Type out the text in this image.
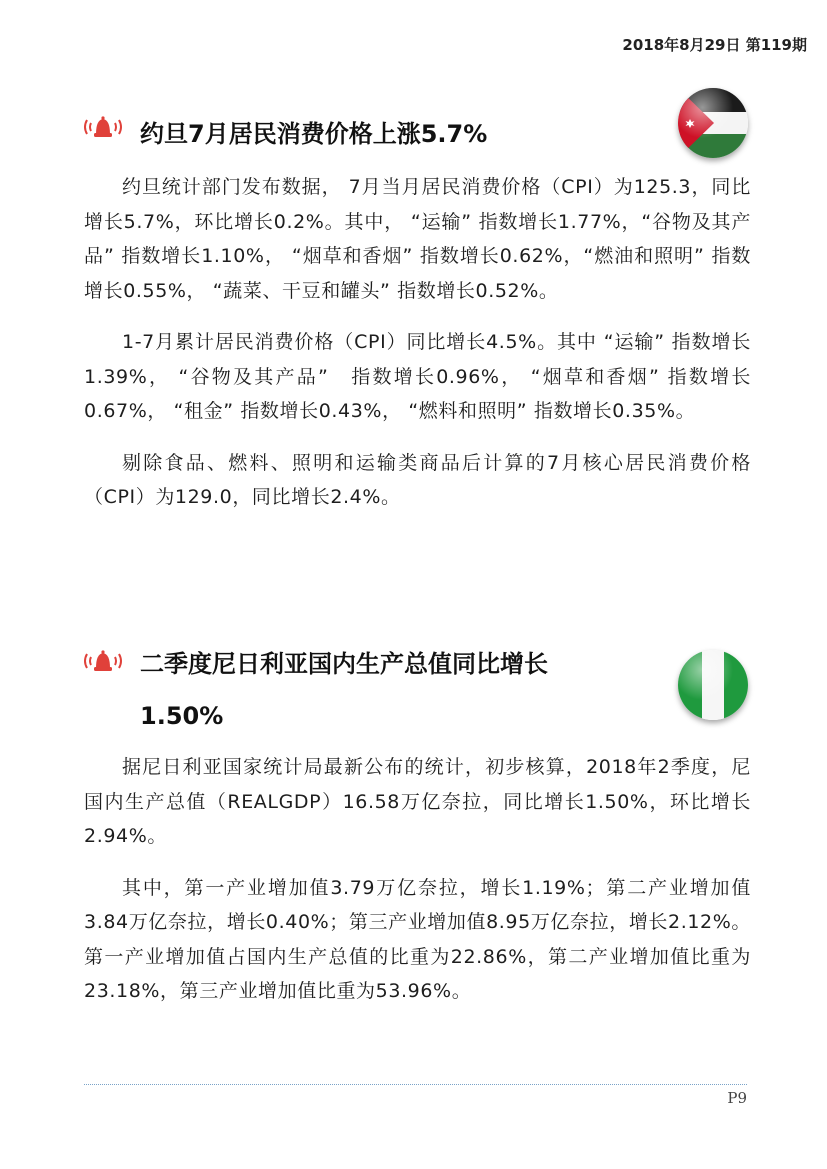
2018年8月29日 第119期
约旦7月居民消费价格上涨5.7%

约旦统计部门发布数据， 7月当月居民消费价格（CPI）为125.3，同比增长5.7%，环比增长0.2%。其中， “运输” 指数增长1.77%，“谷物及其产品” 指数增长1.10%， “烟草和香烟” 指数增长0.62%，“燃油和照明” 指数增长0.55%， “蔬菜、干豆和罐头” 指数增长0.52%。

1-7月累计居民消费价格（CPI）同比增长4.5%。其中 “运输” 指数增长1.39%， “谷物及其产品”　指数增长0.96%， “烟草和香烟” 指数增长0.67%， “租金” 指数增长0.43%， “燃料和照明” 指数增长0.35%。

剔除食品、燃料、照明和运输类商品后计算的7月核心居民消费价格（CPI）为129.0，同比增长2.4%。

二季度尼日利亚国内生产总值同比增长
1.50%

据尼日利亚国家统计局最新公布的统计，初步核算，2018年2季度，尼国内生产总值（REALGDP）16.58万亿奈拉，同比增长1.50%，环比增长2.94%。

其中，第一产业增加值3.79万亿奈拉，增长1.19%；第二产业增加值3.84万亿奈拉，增长0.40%；第三产业增加值8.95万亿奈拉，增长2.12%。第一产业增加值占国内生产总值的比重为22.86%，第二产业增加值比重为23.18%，第三产业增加值比重为53.96%。

P9
